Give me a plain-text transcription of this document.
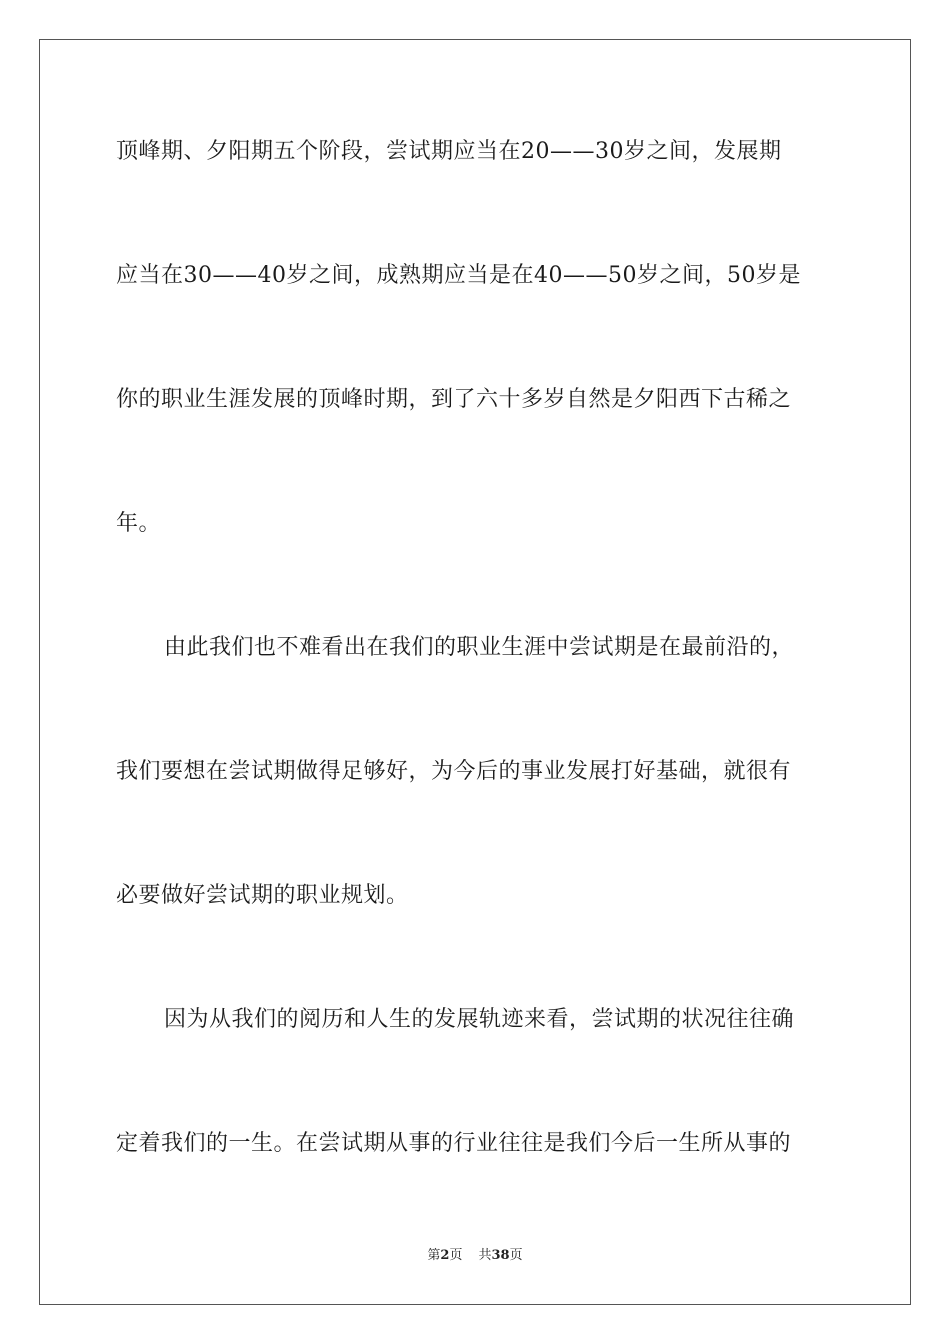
顶峰期、夕阳期五个阶段，尝试期应当在20——30岁之间，发展期
应当在30——40岁之间，成熟期应当是在40——50岁之间，50岁是
你的职业生涯发展的顶峰时期，到了六十多岁自然是夕阳西下古稀之
年。
由此我们也不难看出在我们的职业生涯中尝试期是在最前沿的，
我们要想在尝试期做得足够好，为今后的事业发展打好基础，就很有
必要做好尝试期的职业规划。
因为从我们的阅历和人生的发展轨迹来看，尝试期的状况往往确
定着我们的一生。在尝试期从事的行业往往是我们今后一生所从事的
第2页 共38页
